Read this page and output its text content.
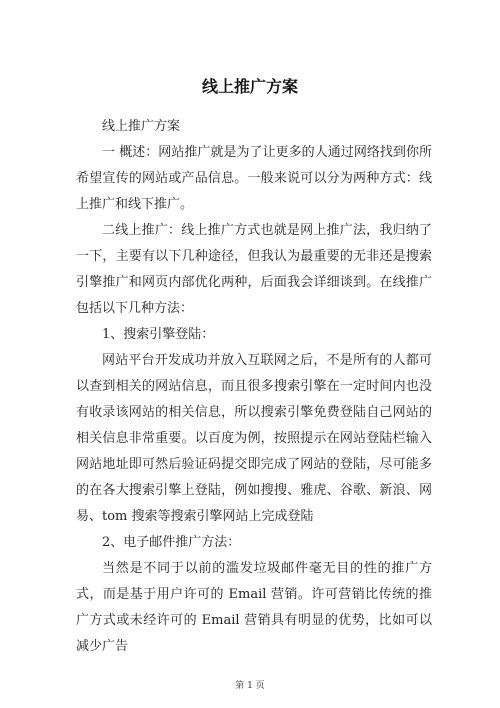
线上推广方案

线上推广方案

一 概述：网站推广就是为了让更多的人通过网络找到你所希望宣传的网站或产品信息。一般来说可以分为两种方式：线上推广和线下推广。

二线上推广：线上推广方式也就是网上推广法，我归纳了一下，主要有以下几种途径，但我认为最重要的无非还是搜索引擎推广和网页内部优化两种，后面我会详细谈到。在线推广包括以下几种方法：

1、搜索引擎登陆：

网站平台开发成功并放入互联网之后，不是所有的人都可以查到相关的网站信息，而且很多搜索引擎在一定时间内也没有收录该网站的相关信息，所以搜索引擎免费登陆自己网站的相关信息非常重要。以百度为例，按照提示在网站登陆栏输入网站地址即可然后验证码提交即完成了网站的登陆，尽可能多的在各大搜索引擎上登陆，例如搜搜、雅虎、谷歌、新浪、网易、tom 搜索等搜索引擎网站上完成登陆

2、电子邮件推广方法：

当然是不同于以前的滥发垃圾邮件毫无目的性的推广方式，而是基于用户许可的 Email 营销。许可营销比传统的推广方式或未经许可的 Email 营销具有明显的优势，比如可以减少广告

第 1 页
